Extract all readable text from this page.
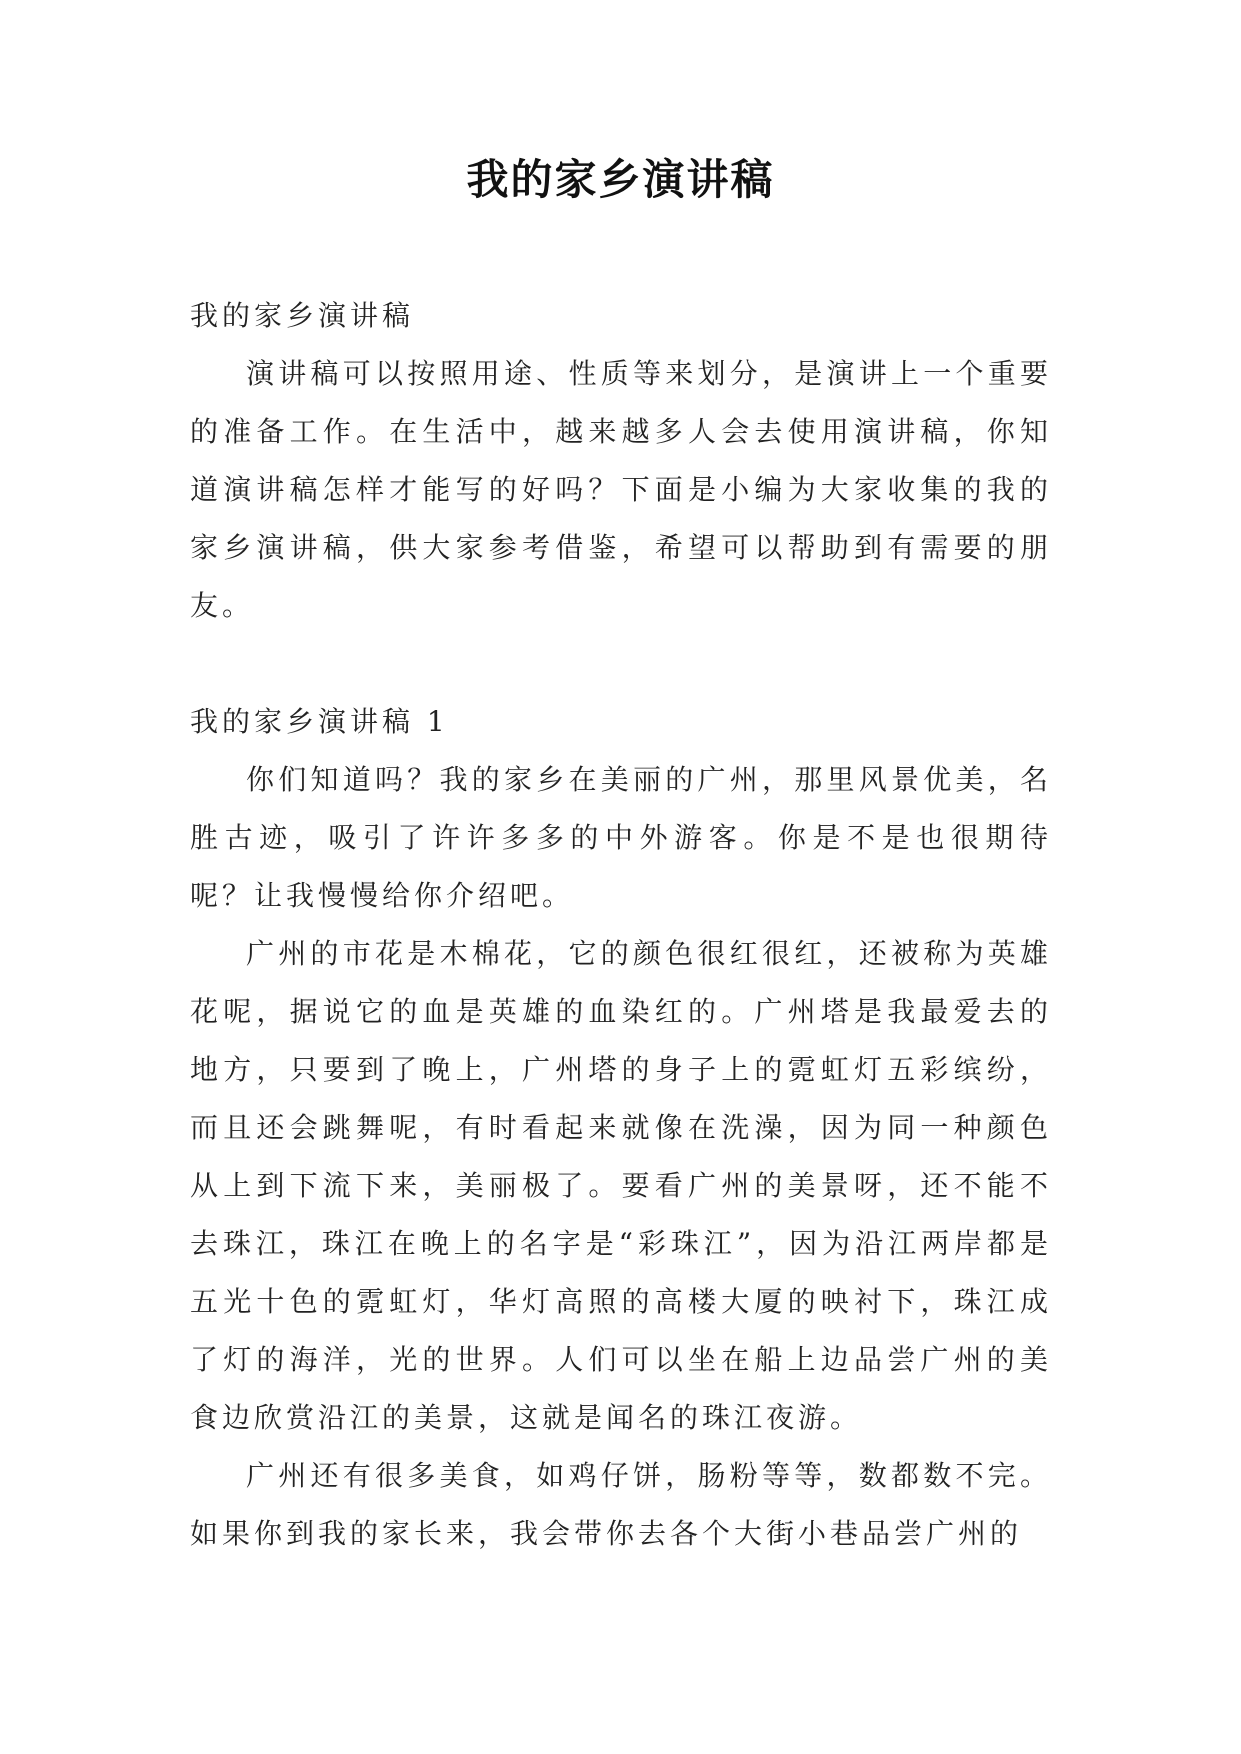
我的家乡演讲稿

我的家乡演讲稿

演讲稿可以按照用途、性质等来划分，是演讲上一个重要的准备工作。在生活中，越来越多人会去使用演讲稿，你知道演讲稿怎样才能写的好吗？下面是小编为大家收集的我的家乡演讲稿，供大家参考借鉴，希望可以帮助到有需要的朋友。

我的家乡演讲稿 1

你们知道吗？我的家乡在美丽的广州，那里风景优美，名胜古迹，吸引了许许多多的中外游客。你是不是也很期待呢？让我慢慢给你介绍吧。

广州的市花是木棉花，它的颜色很红很红，还被称为英雄花呢，据说它的血是英雄的血染红的。广州塔是我最爱去的地方，只要到了晚上，广州塔的身子上的霓虹灯五彩缤纷，而且还会跳舞呢，有时看起来就像在洗澡，因为同一种颜色从上到下流下来，美丽极了。要看广州的美景呀，还不能不去珠江，珠江在晚上的名字是“彩珠江”，因为沿江两岸都是五光十色的霓虹灯，华灯高照的高楼大厦的映衬下，珠江成了灯的海洋，光的世界。人们可以坐在船上边品尝广州的美食边欣赏沿江的美景，这就是闻名的珠江夜游。

广州还有很多美食，如鸡仔饼，肠粉等等，数都数不完。如果你到我的家长来，我会带你去各个大街小巷品尝广州的
